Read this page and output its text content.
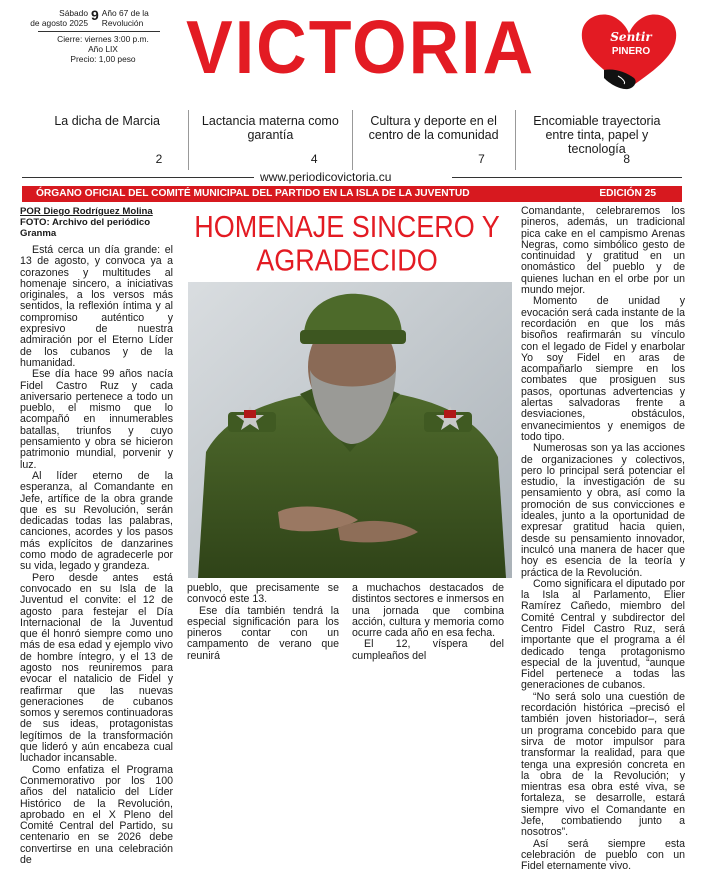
Sábado
de agosto 2025 9 Año 67 de la Revolución
Cierre: viernes 3:00 p.m.
Año LIX
Precio: 1,00 peso VICTORIA	Sentir
PINERO
La dicha de Marcia
2
Lactancia materna como garantía
4
Cultura y deporte en el centro de la comunidad
7
Encomiable trayectoria entre tinta, papel y tecnología
8
www.periodicovictoria.cu
ÓRGANO OFICIAL DEL COMITÉ MUNICIPAL DEL PARTIDO EN LA ISLA DE LA JUVENTUD	EDICIÓN 25

POR Diego Rodríguez Molina

FOTO: Archivo del periódico Granma

Está cerca un día grande: el 13 de agosto, y convoca ya a corazones y multitudes al homenaje sincero, a iniciativas originales, a los versos más sentidos, la reflexión íntima y al compromiso auténtico y expresivo de nuestra admiración por el Eterno Líder de los cubanos y de la humanidad.

Ese día hace 99 años nacía Fidel Castro Ruz y cada aniversario pertenece a todo un pueblo, el mismo que lo acompañó en innumerables batallas, triunfos y cuyo pensamiento y obra se hicieron patrimonio mundial, porvenir y luz.

Al líder eterno de la esperanza, al Comandante en Jefe, artífice de la obra grande que es su Revolución, serán dedicadas todas las palabras, canciones, acordes y los pasos más explícitos de danzarines como modo de agradecerle por su vida, legado y grandeza.

Pero desde antes está convocado en su Isla de la Juventud el convite: el 12 de agosto para festejar el Día Internacional de la Juventud que él honró siempre como uno más de esa edad y ejemplo vivo de hombre íntegro, y el 13 de agosto nos reuniremos para evocar el natalicio de Fidel y reafirmar que las nuevas generaciones de cubanos somos y seremos continuadoras de sus ideas, protagonistas legítimos de la transformación que lideró y aún encabeza cual luchador incansable.

Como enfatiza el Programa Conmemorativo por los 100 años del natalicio del Líder Histórico de la Revolución, aprobado en el X Pleno del Comité Central del Partido, su centenario en se 2026 debe convertirse en una celebración de

HOMENAJE SINCERO Y AGRADECIDO

pueblo, que precisamente se convocó este 13.

Ese día también tendrá la especial significación para los pineros contar con un campamento de verano que reunirá

a muchachos destacados de distintos sectores e inmersos en una jornada que combina acción, cultura y memoria como ocurre cada año en esa fecha.

El 12, víspera del cumpleaños del

Comandante, celebraremos los pineros, además, un tradicional pica cake en el campismo Arenas Negras, como simbólico gesto de continuidad y gratitud en un onomástico del pueblo y de quienes luchan en el orbe por un mundo mejor.

Momento de unidad y evocación será cada instante de la recordación en que los más bisoños reafirmarán su vínculo con el legado de Fidel y enarbolar Yo soy Fidel en aras de acompañarlo siempre en los combates que prosiguen sus pasos, oportunas advertencias y alertas salvadoras frente a desviaciones, obstáculos, envanecimientos y enemigos de todo tipo.

Numerosas son ya las acciones de organizaciones y colectivos, pero lo principal será potenciar el estudio, la investigación de su pensamiento y obra, así como la promoción de sus convicciones e ideales, junto a la oportunidad de expresar gratitud hacia quien, desde su pensamiento innovador, inculcó una manera de hacer que hoy es esencia de la teoría y práctica de la Revolución.

Como significara el diputado por la Isla al Parlamento, Elier Ramírez Cañedo, miembro del Comité Central y subdirector del Centro Fidel Castro Ruz, será importante que el programa a él dedicado tenga protagonismo especial de la juventud, “aunque Fidel pertenece a todas las generaciones de cubanos.

“No será solo una cuestión de recordación histórica –precisó el también joven historiador–, será un programa concebido para que sirva de motor impulsor para transformar la realidad, para que tenga una expresión concreta en la obra de la Revolución; y mientras esa obra esté viva, se fortaleza, se desarrolle, estará siempre vivo el Comandante en Jefe, combatiendo junto a nosotros”.

Así será siempre esta celebración de pueblo con un Fidel eternamente vivo.
